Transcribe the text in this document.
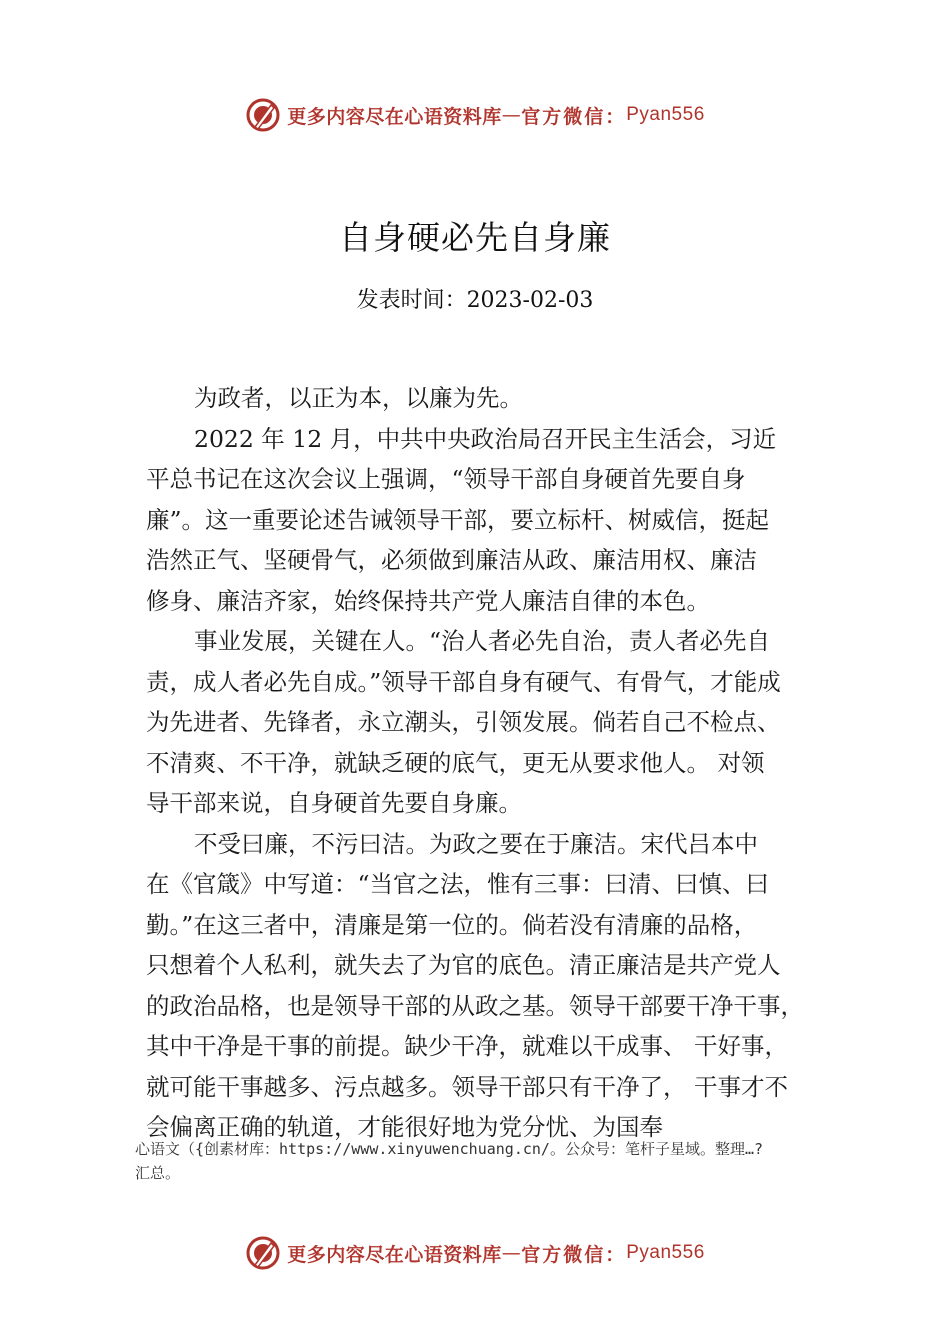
更多内容尽在心语资料库 — 官方微信： Pyan556
自身硬必先自身廉
发表时间：2023-02-03
为政者，以正为本，以廉为先。
2022 年 12 月，中共中央政治局召开民主生活会，习近
平总书记在这次会议上强调，“领导干部自身硬首先要自身
廉”。这一重要论述告诫领导干部，要立标杆、树威信，挺起
浩然正气、坚硬骨气，必须做到廉洁从政、廉洁用权、廉洁
修身、廉洁齐家，始终保持共产党人廉洁自律的本色。
事业发展，关键在人。“治人者必先自治，责人者必先自
责，成人者必先自成。”领导干部自身有硬气、有骨气，才能成
为先进者、先锋者，永立潮头，引领发展。倘若自己不检点、
不清爽、不干净，就缺乏硬的底气，更无从要求他人。 对领
导干部来说，自身硬首先要自身廉。
不受曰廉，不污曰洁。为政之要在于廉洁。宋代吕本中
在《官箴》中写道：“当官之法，惟有三事：曰清、曰慎、曰
勤。”在这三者中，清廉是第一位的。倘若没有清廉的品格，
只想着个人私利，就失去了为官的底色。清正廉洁是共产党人
的政治品格，也是领导干部的从政之基。领导干部要干净干事，
其中干净是干事的前提。缺少干净，就难以干成事、 干好事，
就可能干事越多、污点越多。领导干部只有干净了， 干事才不
会偏离正确的轨道，才能很好地为党分忧、为国奉
心语文（{创素材库：https://www.xinyuwenchuang.cn/。公众号：笔杆子星域。整理…?
汇总。
更多内容尽在心语资料库 — 官方微信： Pyan556
